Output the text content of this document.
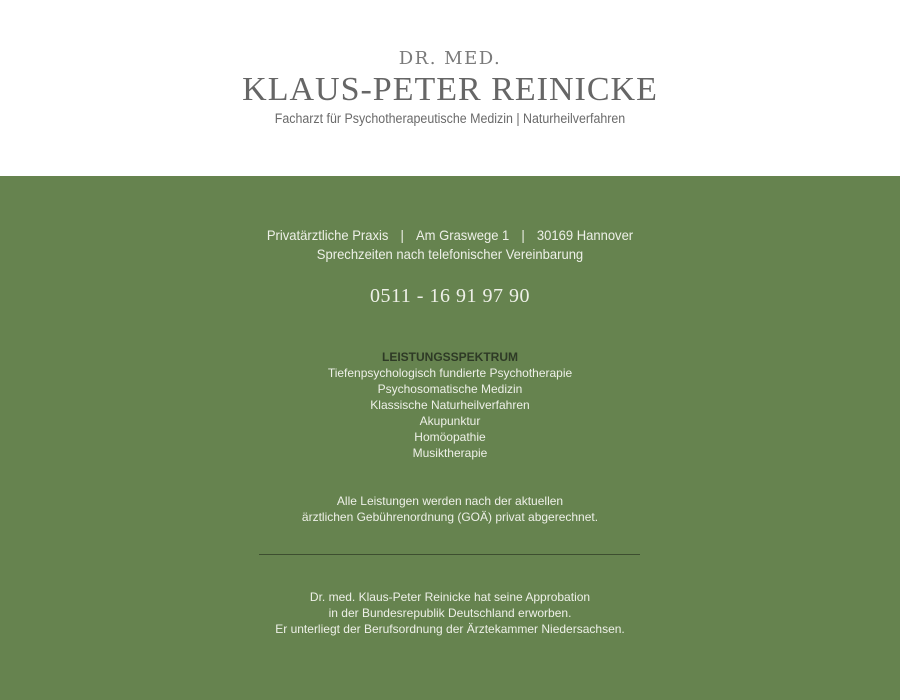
DR. MED.
KLAUS-PETER REINICKE
Facharzt für Psychotherapeutische Medizin | Naturheilverfahren
Privatärztliche Praxis | Am Graswege 1 | 30169 Hannover
Sprechzeiten nach telefonischer Vereinbarung
0511 - 16 91 97 90
LEISTUNGSSPEKTRUM
Tiefenpsychologisch fundierte Psychotherapie
Psychosomatische Medizin
Klassische Naturheilverfahren
Akupunktur
Homöopathie
Musiktherapie
Alle Leistungen werden nach der aktuellen
ärztlichen Gebührenordnung (GOÄ) privat abgerechnet.
Dr. med. Klaus-Peter Reinicke hat seine Approbation
in der Bundesrepublik Deutschland erworben.
Er unterliegt der Berufsordnung der Ärztekammer Niedersachsen.
